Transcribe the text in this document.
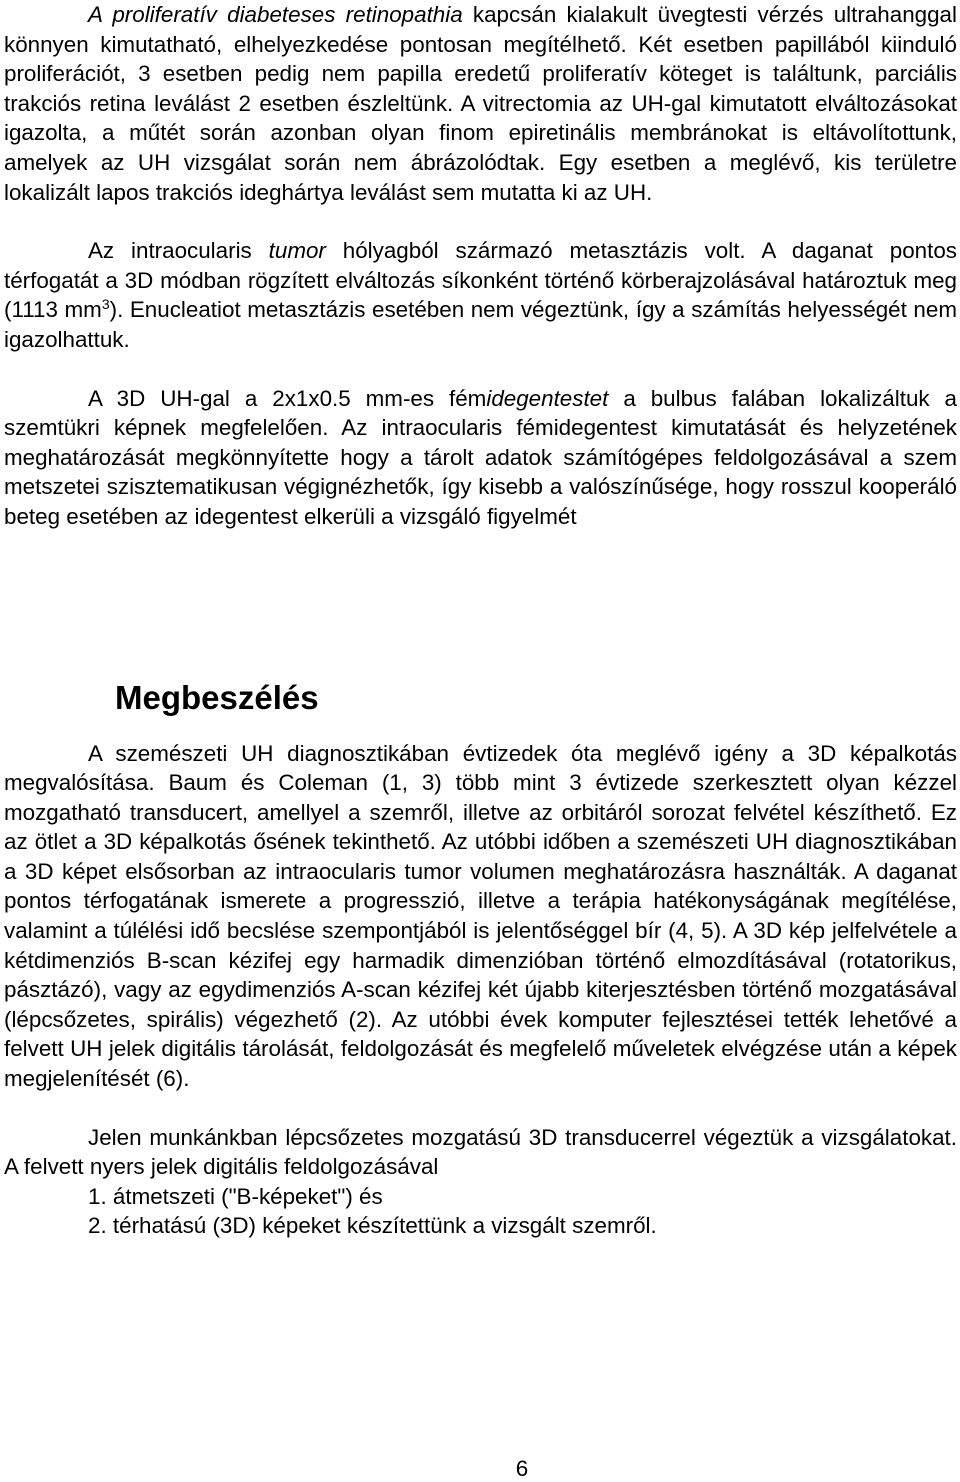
A proliferatív diabeteses retinopathia kapcsán kialakult üvegtesti vérzés ultrahanggal könnyen kimutatható, elhelyezkedése pontosan megítélhető. Két esetben papillából kiinduló proliferációt, 3 esetben pedig nem papilla eredetű proliferatív köteget is találtunk, parciális trakciós retina leválást 2 esetben észleltünk. A vitrectomia az UH-gal kimutatott elváltozásokat igazolta, a műtét során azonban olyan finom epiretinális membránokat is eltávolítottunk, amelyek az UH vizsgálat során nem ábrázolódtak. Egy esetben a meglévő, kis területre lokalizált lapos trakciós ideghártya leválást sem mutatta ki az UH.

Az intraocularis tumor hólyagból származó metasztázis volt. A daganat pontos térfogatát a 3D módban rögzített elváltozás síkonként történő körberajzolásával határoztuk meg (1113 $mm^3$). Enucleatiot metasztázis esetében nem végeztünk, így a számítás helyességét nem igazolhattuk.

A 3D UH-gal a 2x1x0.5 mm-es fémidegentestet a bulbus falában lokalizáltuk a szemtükri képnek megfelelően. Az intraocularis fémidegentest kimutatását és helyzetének meghatározását megkönnyítette hogy a tárolt adatok számítógépes feldolgozásával a szem metszetei szisztematikusan végignézhetők, így kisebb a valószínűsége, hogy rosszul kooperáló beteg esetében az idegentest elkerüli a vizsgáló figyelmét

Megbeszélés

A szemészeti UH diagnosztikában évtizedek óta meglévő igény a 3D képalkotás megvalósítása. Baum és Coleman (1, 3) több mint 3 évtizede szerkesztett olyan kézzel mozgatható transducert, amellyel a szemről, illetve az orbitáról sorozat felvétel készíthető. Ez az ötlet a 3D képalkotás ősének tekinthető. Az utóbbi időben a szemészeti UH diagnosztikában a 3D képet elsősorban az intraocularis tumor volumen meghatározásra használták. A daganat pontos térfogatának ismerete a progresszió, illetve a terápia hatékonyságának megítélése, valamint a túlélési idő becslése szempontjából is jelentőséggel bír (4, 5). A 3D kép jelfelvétele a kétdimenziós B-scan kézifej egy harmadik dimenzióban történő elmozdításával (rotatorikus, pásztázó), vagy az egydimenziós A-scan kézifej két újabb kiterjesztésben történő mozgatásával (lépcsőzetes, spirális) végezhető (2). Az utóbbi évek komputer fejlesztései tették lehetővé a felvett UH jelek digitális tárolását, feldolgozását és megfelelő műveletek elvégzése után a képek megjelenítését (6).

Jelen munkánkban lépcsőzetes mozgatású 3D transducerrel végeztük a vizsgálatokat. A felvett nyers jelek digitális feldolgozásával

1. átmetszeti ("B-képeket") és
2. térhatású (3D) képeket készítettünk a vizsgált szemről.
6
